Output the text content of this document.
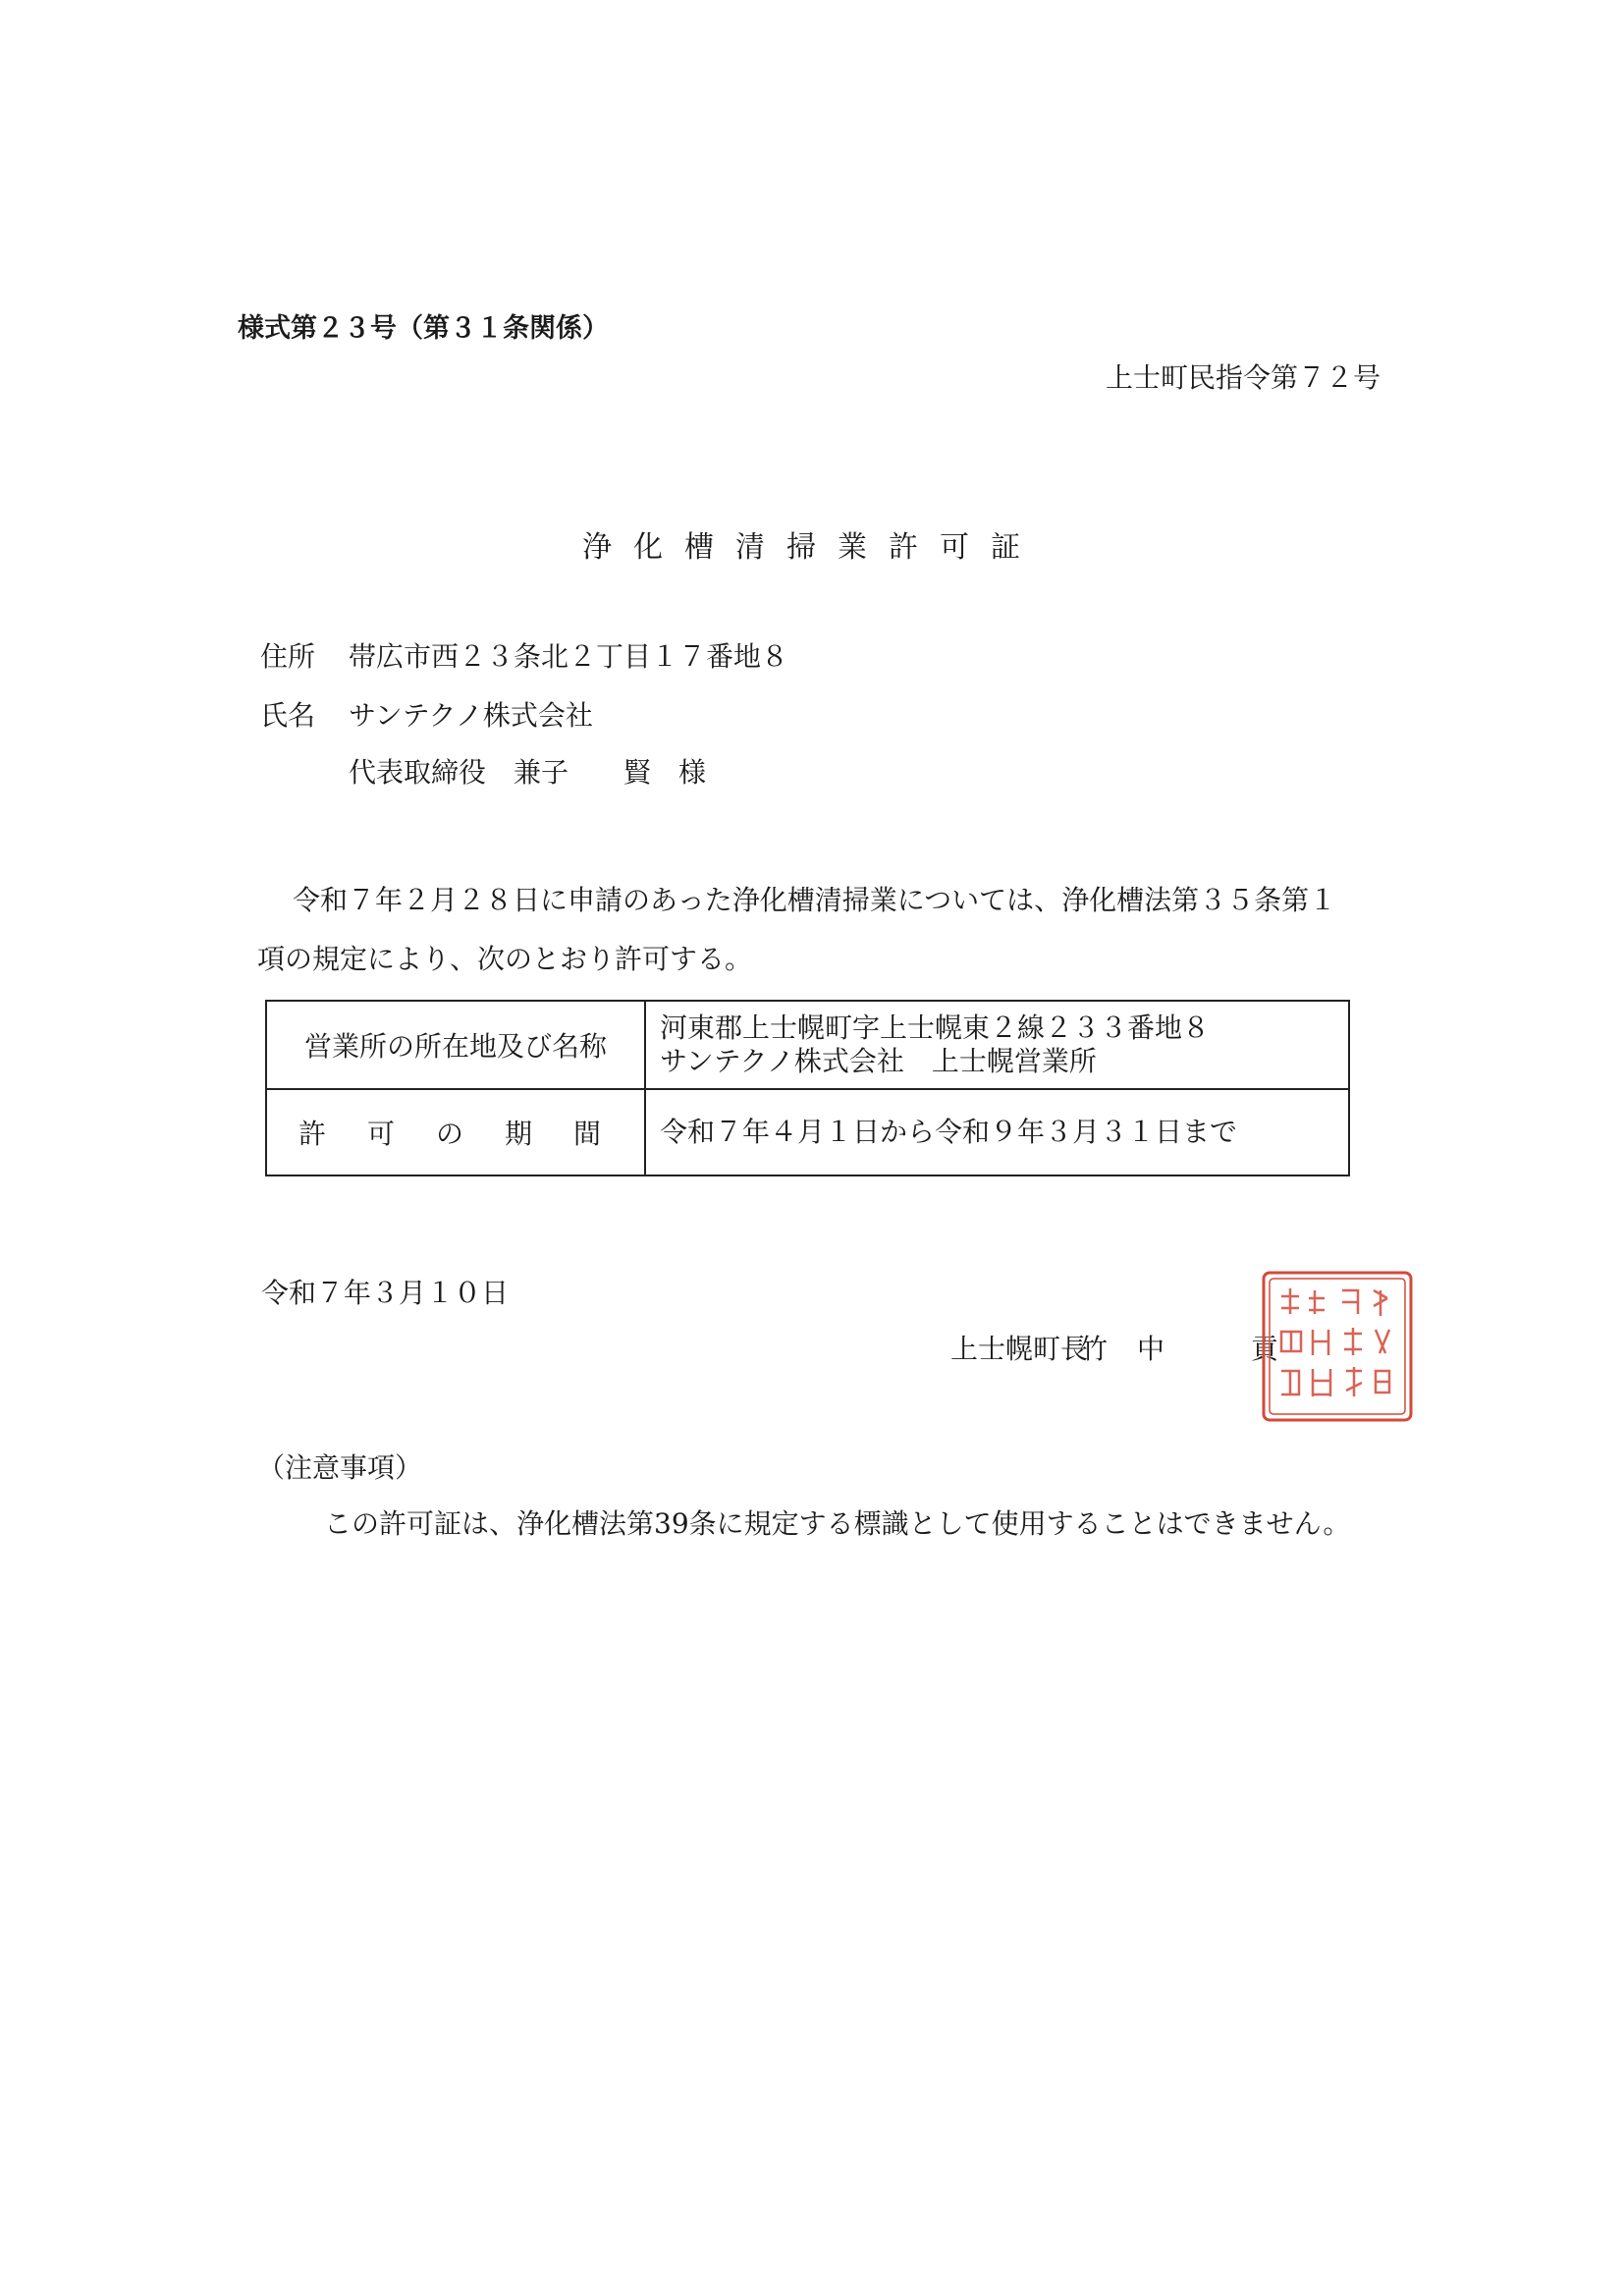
様式第２３号（第３１条関係）
上士町民指令第７２号
浄化槽清掃業許可証
住所 帯広市西２３条北２丁目１７番地８
氏名 サンテクノ株式会社
代表取締役　兼子　　賢　様
令和７年２月２８日に申請のあった浄化槽清掃業については、浄化槽法第３５条第１
項の規定により、次のとおり許可する。
営業所の所在地及び名称	河東郡上士幌町字上士幌東２線２３３番地８
サンテクノ株式会社　上士幌営業所

許可の期間	令和７年４月１日から令和９年３月３１日まで
令和７年３月１０日
上士幌町長
竹中　貢
（注意事項）
この許可証は、浄化槽法第39条に規定する標識として使用することはできません。
